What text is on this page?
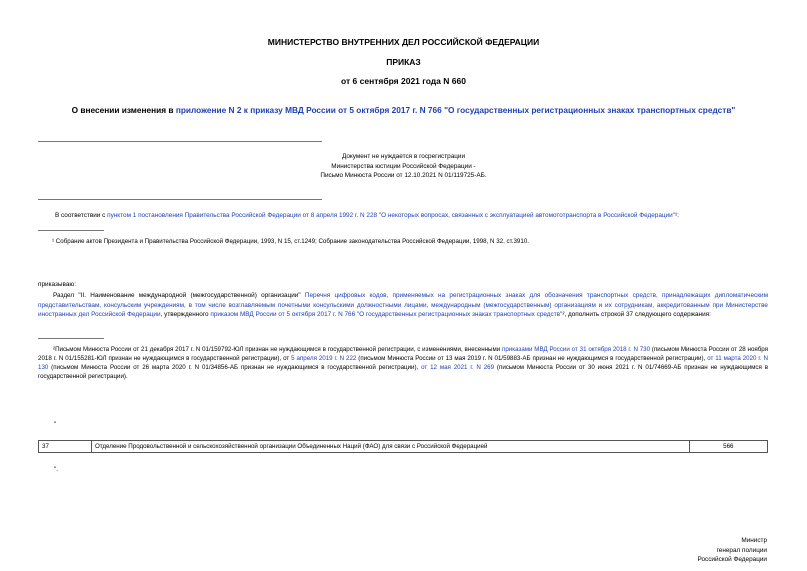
МИНИСТЕРСТВО ВНУТРЕННИХ ДЕЛ РОССИЙСКОЙ ФЕДЕРАЦИИ
ПРИКАЗ
от 6 сентября 2021 года N 660
О внесении изменения в приложение N 2 к приказу МВД России от 5 октября 2017 г. N 766 "О государственных регистрационных знаках транспортных средств"
Документ не нуждается в госрегистрации
Министерства юстиции Российской Федерации -
Письмо Минюста России от 12.10.2021 N 01/119725-АБ.
В соответствии с пунктом 1 постановления Правительства Российской Федерации от 8 апреля 1992 г. N 228 "О некоторых вопросах, связанных с эксплуатацией автомототранспорта в Российской Федерации"¹:
¹ Собрание актов Президента и Правительства Российской Федерации, 1993, N 15, ст.1249; Собрание законодательства Российской Федерации, 1998, N 32, ст.3910.
приказываю:
Раздел "II. Наименование международной (межгосударственной) организации" Перечня цифровых кодов, применяемых на регистрационных знаках для обозначения транспортных средств, принадлежащих дипломатическим представительствам, консульским учреждениям, в том числе возглавляемым почетными консульскими должностными лицами, международным (межгосударственным) организациям и их сотрудникам, аккредитованным при Министерстве иностранных дел Российской Федерации, утвержденного приказом МВД России от 5 октября 2017 г. N 766 "О государственных регистрационных знаках транспортных средств"², дополнить строкой 37 следующего содержания:
²Письмом Минюста России от 21 декабря 2017 г. N 01/159792-ЮЛ признан не нуждающимся в государственной регистрации, с изменениями, внесенными приказами МВД России от 31 октября 2018 г. N 730 (письмом Минюста России от 28 ноября 2018 г. N 01/155281-ЮЛ признан не нуждающимся в государственной регистрации), от 5 апреля 2019 г. N 222 (письмом Минюста России от 13 мая 2019 г. N 01/59883-АБ признан не нуждающимся в государственной регистрации), от 11 марта 2020 г. N 130 (письмом Минюста России от 26 марта 2020 г. N 01/34856-АБ признан не нуждающимся в государственной регистрации), от 12 мая 2021 г. N 269 (письмом Минюста России от 30 июня 2021 г. N 01/74669-АБ признан не нуждающимся в государственной регистрации).
"
37	Отделение Продовольственной и сельскохозяйственной организации Объединенных Наций (ФАО) для связи с Российской Федерацией	566
".
Министр
генерал полиции
Российской Федерации
